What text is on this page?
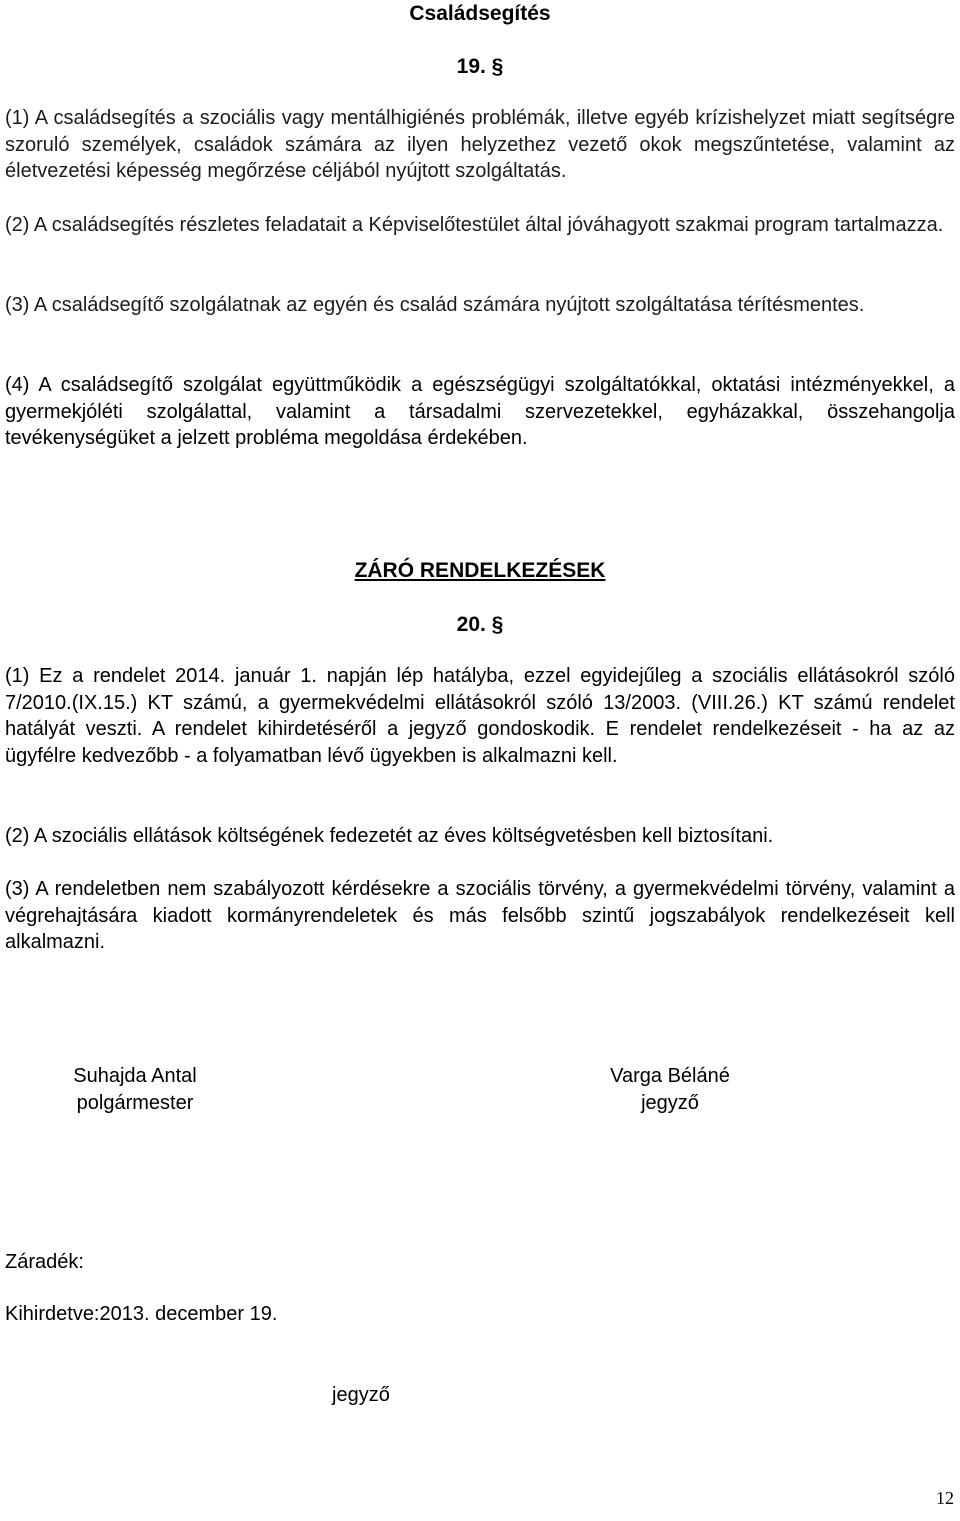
Családsegítés
19. §

(1) A családsegítés a szociális vagy mentálhigiénés problémák, illetve egyéb krízishelyzet miatt segítségre szoruló személyek, családok számára az ilyen helyzethez vezető okok megszűntetése, valamint az életvezetési képesség megőrzése céljából nyújtott szolgáltatás.

(2) A családsegítés részletes feladatait a Képviselőtestület által jóváhagyott szakmai program tartalmazza.

(3) A családsegítő szolgálatnak az egyén és család számára nyújtott szolgáltatása térítésmentes.

(4) A családsegítő szolgálat együttműködik a egészségügyi szolgáltatókkal, oktatási intézményekkel, a gyermekjóléti szolgálattal, valamint a társadalmi szervezetekkel, egyházakkal, összehangolja tevékenységüket a jelzett probléma megoldása érdekében.

ZÁRÓ RENDELKEZÉSEK
20. §

(1) Ez a rendelet 2014. január 1. napján lép hatályba, ezzel egyidejűleg a szociális ellátásokról szóló 7/2010.(IX.15.) KT számú, a gyermekvédelmi ellátásokról szóló 13/2003. (VIII.26.) KT számú rendelet hatályát veszti. A rendelet kihirdetéséről a jegyző gondoskodik. E rendelet rendelkezéseit - ha az az ügyfélre kedvezőbb - a folyamatban lévő ügyekben is alkalmazni kell.

(2) A szociális ellátások költségének fedezetét az éves költségvetésben kell biztosítani.

(3) A rendeletben nem szabályozott kérdésekre a szociális törvény, a gyermekvédelmi törvény, valamint a végrehajtására kiadott kormányrendeletek és más felsőbb szintű jogszabályok rendelkezéseit kell alkalmazni.

Suhajda Antal
polgármester
Varga Béláné
jegyző
Záradék:
Kihirdetve:2013. december 19.
jegyző
12
